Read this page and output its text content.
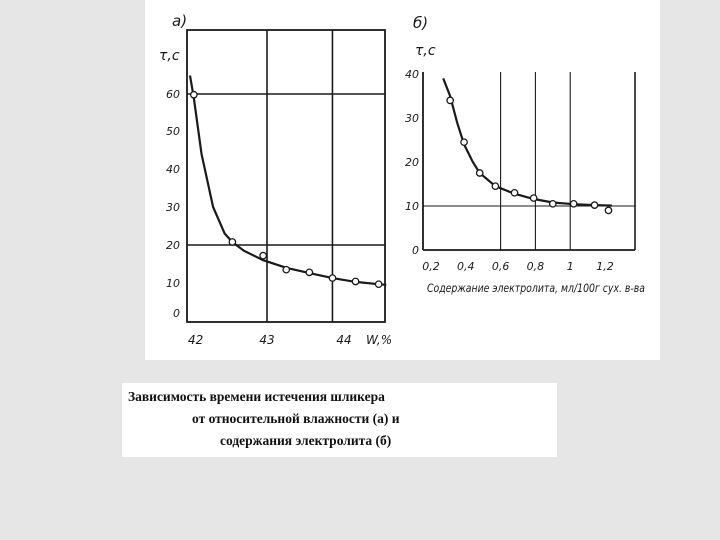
0
10
20
30
40
50
60
42	43	44 W,%
τ,c
а)
0
10
20
30
40
0,2 0,4 0,6 0,8 1 1,2
Содержание электролита, мл/100г сух. в-ва
τ,c
б)
Зависимость времени истечения шликера
от относительной влажности (а) и
содержания электролита (б)
